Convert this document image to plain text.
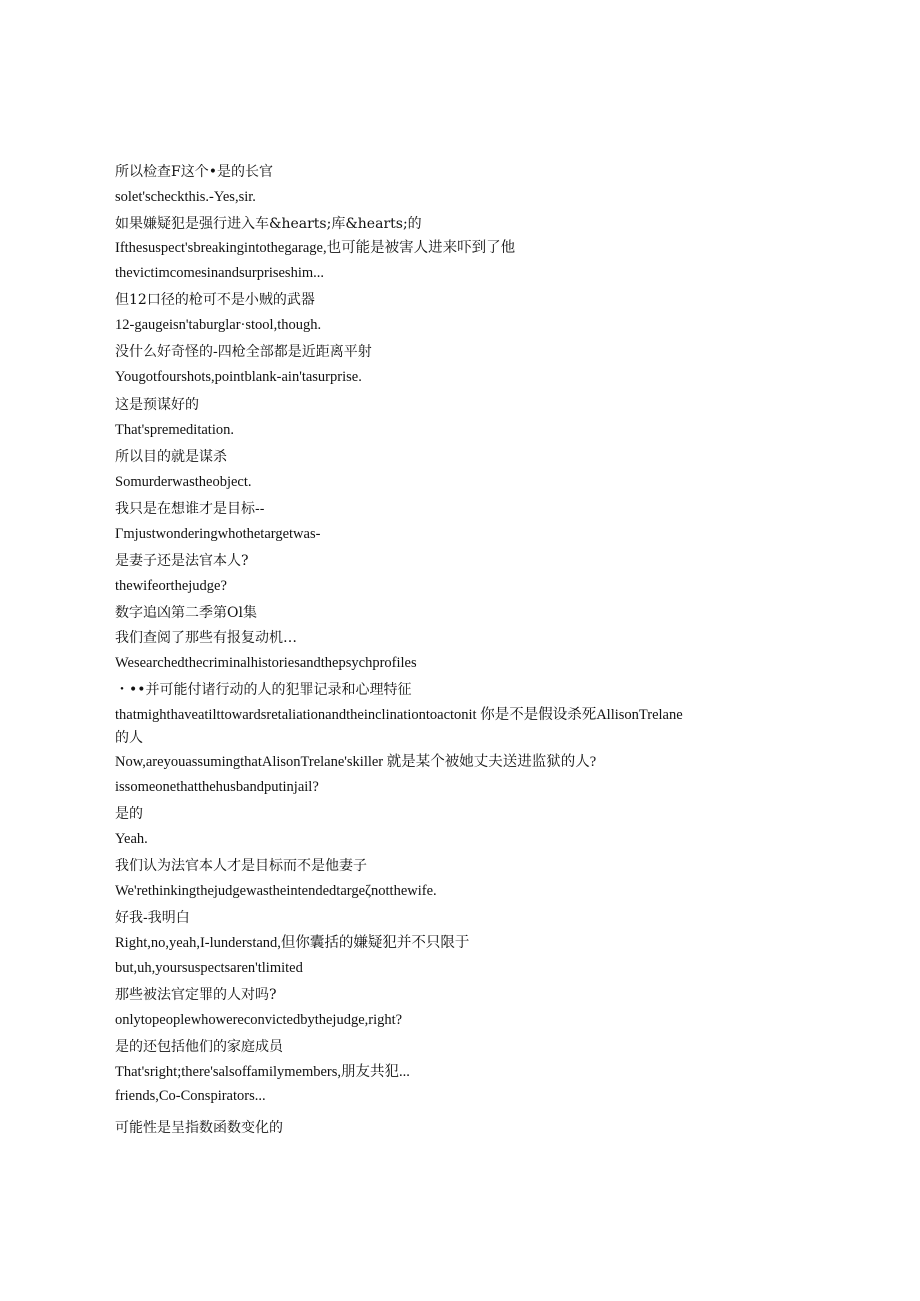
所以检查F这个•是的长官

solet'scheckthis.-Yes,sir.

如果嫌疑犯是强行进入车&hearts;库&hearts;的

Ifthesuspect'sbreakingintothegarage,也可能是被害人进来吓到了他

thevictimcomesinandsurpriseshim...

但12口径的枪可不是小贼的武器

12-gaugeisn'taburglar·stool,though.

没什么好奇怪的-四枪全部都是近距离平射

Yougotfourshots,pointblank-ain'tasurprise.

这是预谋好的

That'spremeditation.

所以目的就是谋杀

Somurderwastheobject.

我只是在想谁才是目标--

Γmjustwonderingwhothetargetwas-

是妻子还是法官本人?

thewifeorthejudge?

数字追凶第二季第Ol集

我们查阅了那些有报复动机…

Wesearchedthecriminalhistoriesandthepsychprofiles

・••并可能付诸行动的人的犯罪记录和心理特征

thatmighthaveatilttowardsretaliationandtheinclinationtoactonit 你是不是假设杀死AllisonTrelane

的人

Now,areyouassumingthatAlisonTrelane'skiller 就是某个被她丈夫送进监狱的人?

issomeonethatthehusbandputinjail?

是的

Yeah.

我们认为法官本人才是目标而不是他妻子

We'rethinkingthejudgewastheintendedtargeζnotthewife.

好我-我明白

Right,no,yeah,I-lunderstand,但你囊括的嫌疑犯并不只限于

but,uh,yoursuspectsaren'tlimited

那些被法官定罪的人对吗?

onlytopeoplewhowereconvictedbythejudge,right?

是的还包括他们的家庭成员

That'sright;there'salsoffamilymembers,朋友共犯...

friends,Co-Conspirators...

可能性是呈指数函数变化的
